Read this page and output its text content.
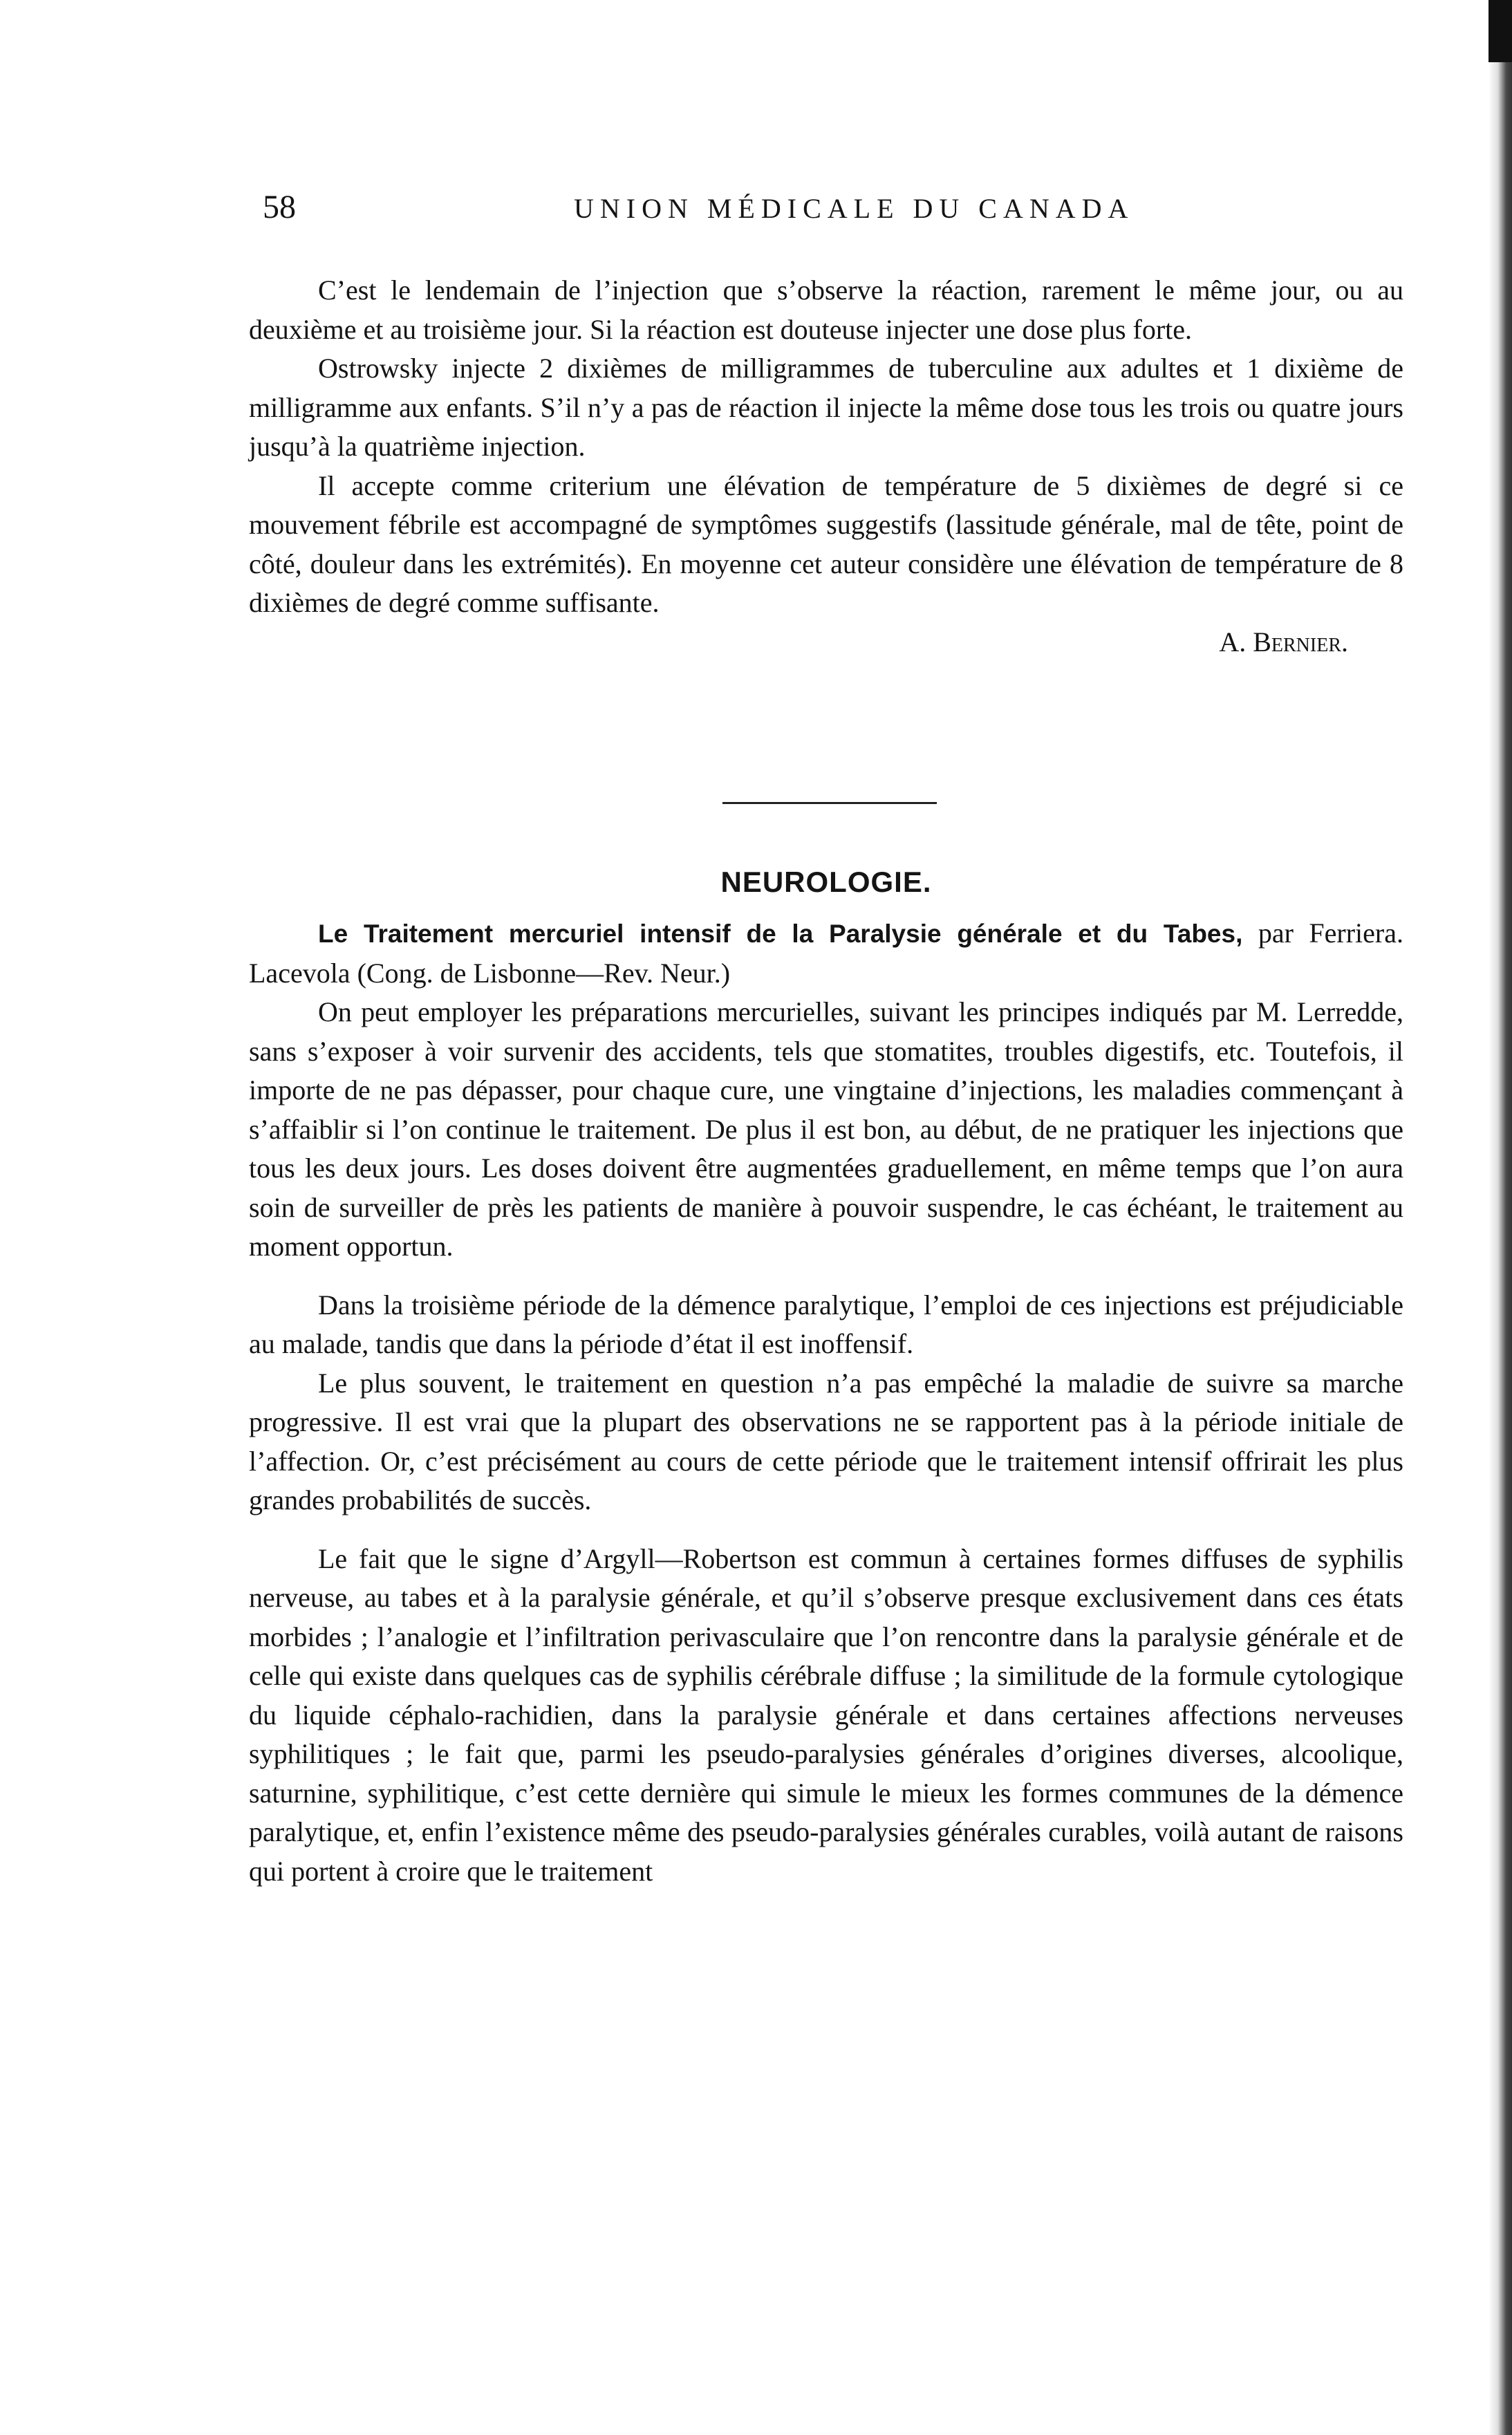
58	UNION MÉDICALE DU CANADA

C’est le lendemain de l’injection que s’observe la réaction, rarement le même jour, ou au deuxième et au troisième jour. Si la réaction est douteuse injecter une dose plus forte.

Ostrowsky injecte 2 dixièmes de milligrammes de tuberculine aux adultes et 1 dixième de milligramme aux enfants. S’il n’y a pas de réaction il injecte la même dose tous les trois ou quatre jours jusqu’à la quatrième injection.

Il accepte comme criterium une élévation de température de 5 dixièmes de degré si ce mouvement fébrile est accompagné de symptômes suggestifs (lassitude générale, mal de tête, point de côté, douleur dans les extrémités). En moyenne cet auteur considère une élévation de température de 8 dixièmes de degré comme suffisante.

A. Bernier.

NEUROLOGIE.

Le Traitement mercuriel intensif de la Paralysie générale et du Tabes, par Ferriera. Lacevola (Cong. de Lisbonne—Rev. Neur.)

On peut employer les préparations mercurielles, suivant les principes indiqués par M. Lerredde, sans s’exposer à voir survenir des accidents, tels que stomatites, troubles digestifs, etc. Toutefois, il importe de ne pas dépasser, pour chaque cure, une vingtaine d’injections, les maladies commençant à s’affaiblir si l’on continue le traitement. De plus il est bon, au début, de ne pratiquer les injections que tous les deux jours. Les doses doivent être augmentées graduellement, en même temps que l’on aura soin de surveiller de près les patients de manière à pouvoir suspendre, le cas échéant, le traitement au moment opportun.

Dans la troisième période de la démence paralytique, l’emploi de ces injections est préjudiciable au malade, tandis que dans la période d’état il est inoffensif.

Le plus souvent, le traitement en question n’a pas empêché la maladie de suivre sa marche progressive. Il est vrai que la plupart des observations ne se rapportent pas à la période initiale de l’affection. Or, c’est précisément au cours de cette période que le traitement intensif offrirait les plus grandes probabilités de succès.

Le fait que le signe d’Argyll—Robertson est commun à certaines formes diffuses de syphilis nerveuse, au tabes et à la paralysie générale, et qu’il s’observe presque exclusivement dans ces états morbides ; l’analogie et l’infiltration perivasculaire que l’on rencontre dans la paralysie générale et de celle qui existe dans quelques cas de syphilis cérébrale diffuse ; la similitude de la formule cytologique du liquide céphalo-rachidien, dans la paralysie générale et dans certaines affections nerveuses syphilitiques ; le fait que, parmi les pseudo-paralysies générales d’origines diverses, alcoolique, saturnine, syphilitique, c’est cette dernière qui simule le mieux les formes communes de la démence paralytique, et, enfin l’existence même des pseudo-paralysies générales curables, voilà autant de raisons qui portent à croire que le traitement
